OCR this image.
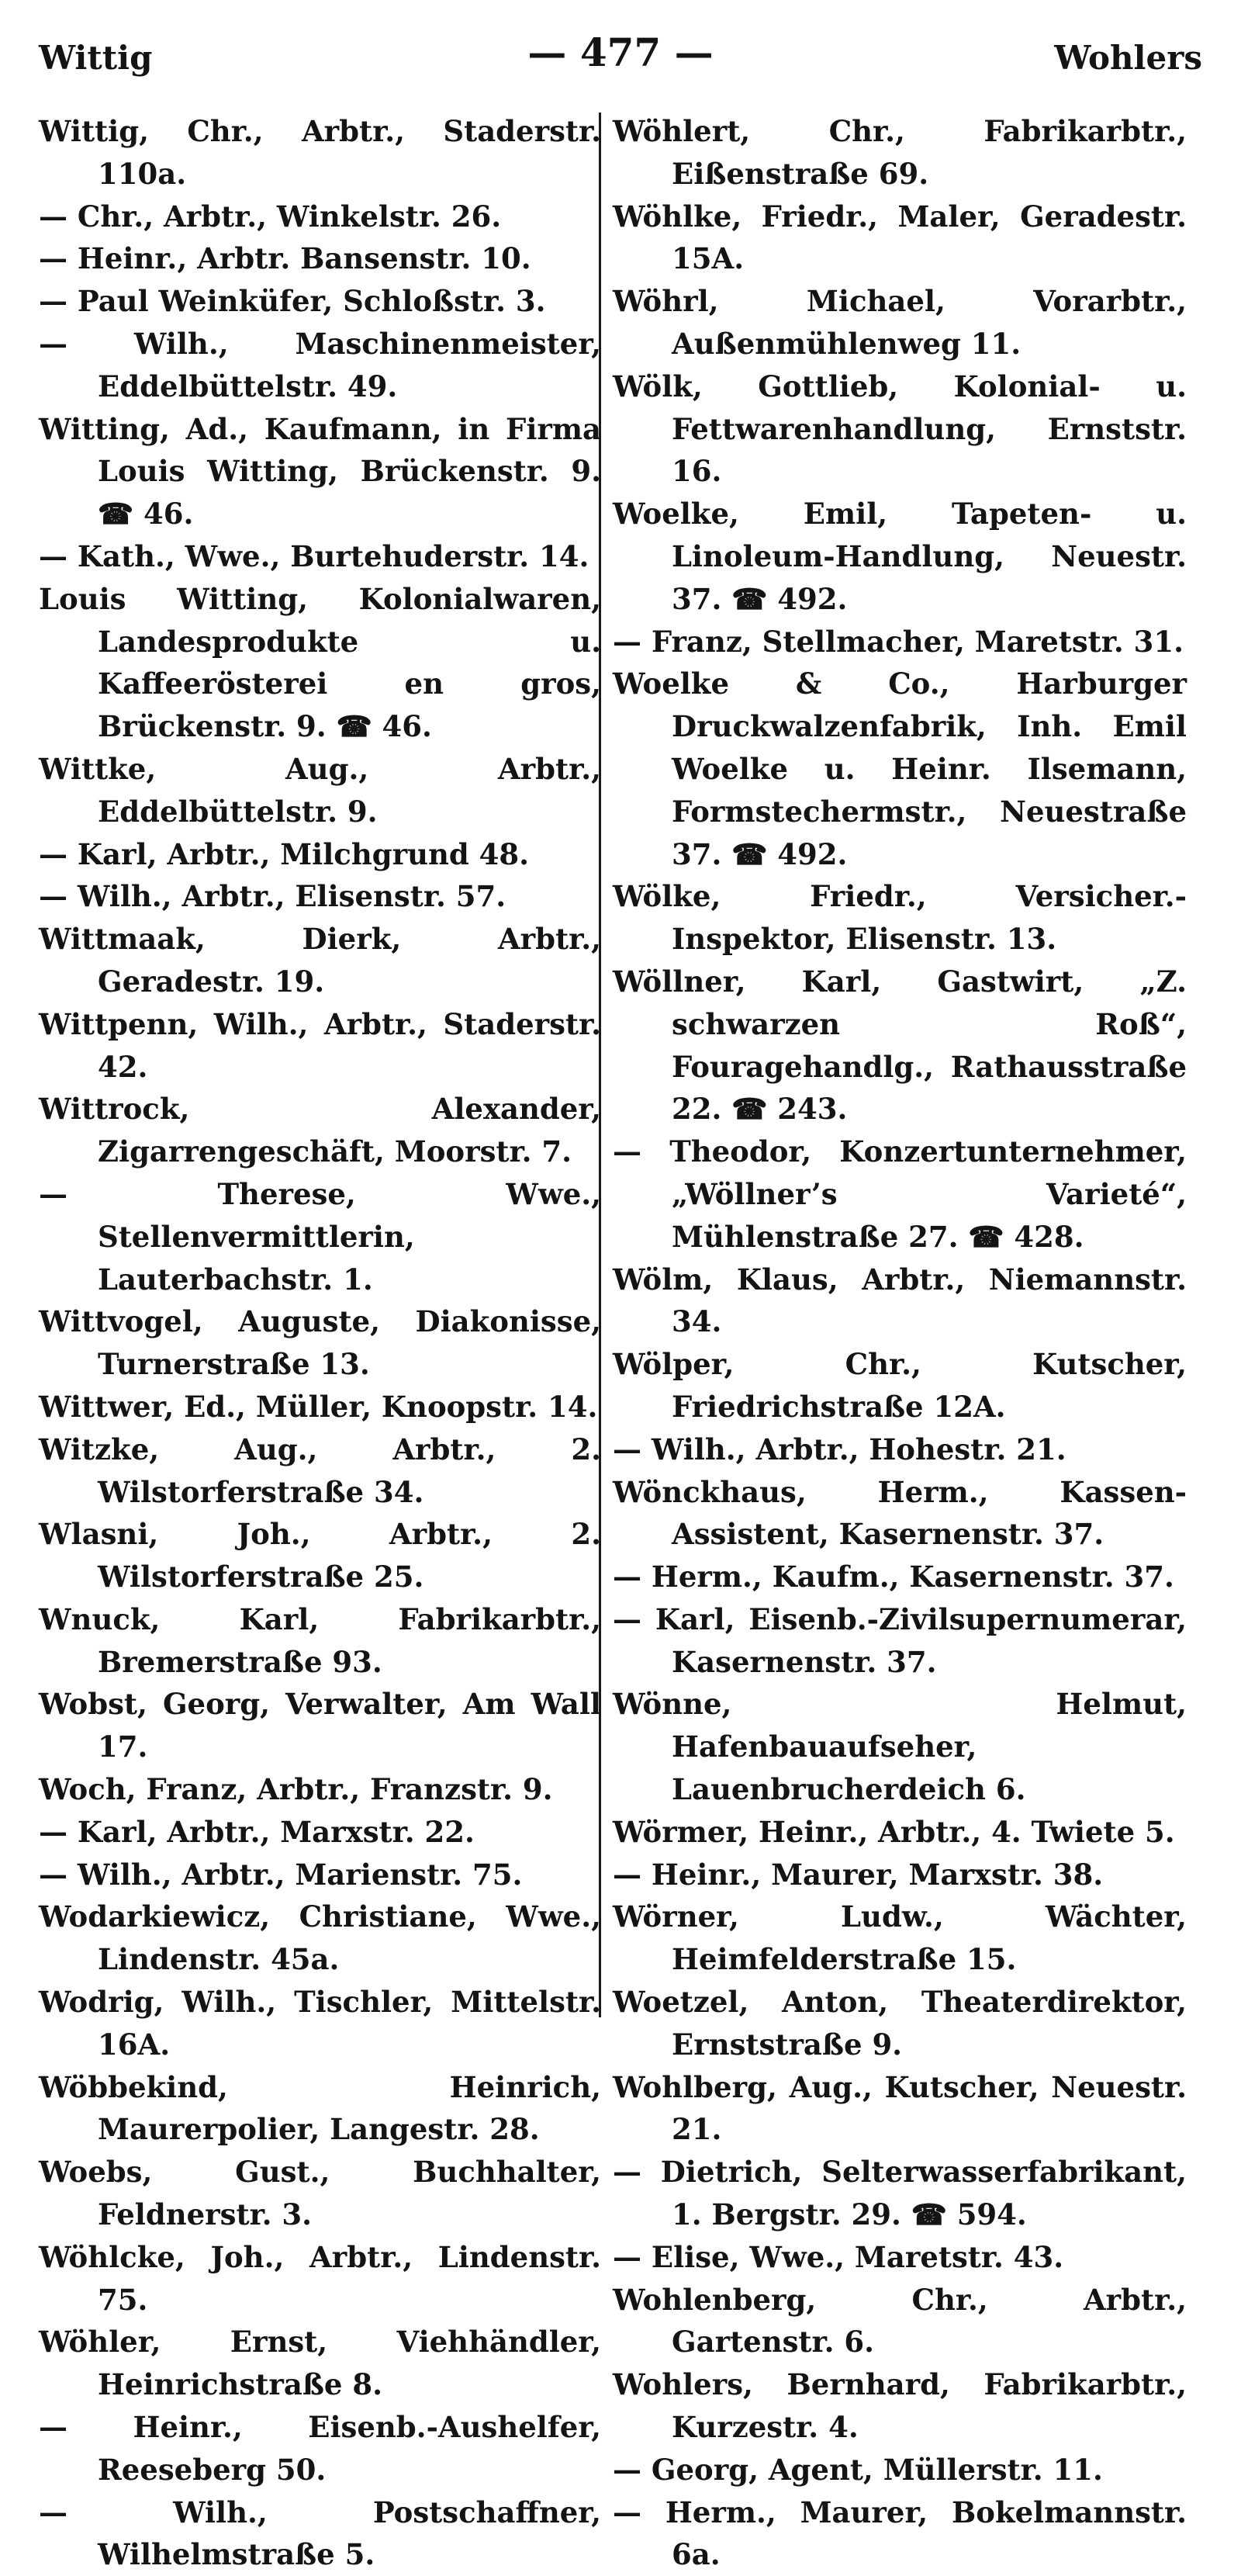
Wittig	— 477 —	Wohlers
Wittig, Chr., Arbtr., Staderstr. 110a.
— Chr., Arbtr., Winkelstr. 26.
— Heinr., Arbtr. Bansenstr. 10.
— Paul Weinküfer, Schloßstr. 3.
— Wilh., Maschinenmeister, Eddelbüttelstr. 49.
Witting, Ad., Kaufmann, in Firma Louis Witting, Brückenstr. 9. ☎ 46.
— Kath., Wwe., Burtehuderstr. 14.
Louis Witting, Kolonialwaren, Landesprodukte u. Kaffeerösterei en gros, Brückenstr. 9. ☎ 46.
Wittke, Aug., Arbtr., Eddelbüttelstr. 9.
— Karl, Arbtr., Milchgrund 48.
— Wilh., Arbtr., Elisenstr. 57.
Wittmaak, Dierk, Arbtr., Geradestr. 19.
Wittpenn, Wilh., Arbtr., Staderstr. 42.
Wittrock, Alexander, Zigarrengeschäft, Moorstr. 7.
— Therese, Wwe., Stellenvermittlerin, Lauterbachstr. 1.
Wittvogel, Auguste, Diakonisse, Turnerstraße 13.
Wittwer, Ed., Müller, Knoopstr. 14.
Witzke, Aug., Arbtr., 2. Wilstorferstraße 34.
Wlasni, Joh., Arbtr., 2. Wilstorferstraße 25.
Wnuck, Karl, Fabrikarbtr., Bremerstraße 93.
Wobst, Georg, Verwalter, Am Wall 17.
Woch, Franz, Arbtr., Franzstr. 9.
— Karl, Arbtr., Marxstr. 22.
— Wilh., Arbtr., Marienstr. 75.
Wodarkiewicz, Christiane, Wwe., Lindenstr. 45a.
Wodrig, Wilh., Tischler, Mittelstr. 16A.
Wöbbekind, Heinrich, Maurerpolier, Langestr. 28.
Woebs, Gust., Buchhalter, Feldnerstr. 3.
Wöhlcke, Joh., Arbtr., Lindenstr. 75.
Wöhler, Ernst, Viehhändler, Heinrichstraße 8.
— Heinr., Eisenb.-Aushelfer, Reeseberg 50.
— Wilh., Postschaffner, Wilhelmstraße 5.
Wöhlert, Chr., Fabrikarbtr., Eißenstraße 69.
Wöhlke, Friedr., Maler, Geradestr. 15A.
Wöhrl, Michael, Vorarbtr., Außenmühlenweg 11.
Wölk, Gottlieb, Kolonial- u. Fettwarenhandlung, Ernststr. 16.
Woelke, Emil, Tapeten- u. Linoleum-Handlung, Neuestr. 37. ☎ 492.
— Franz, Stellmacher, Maretstr. 31.
Woelke & Co., Harburger Druckwalzenfabrik, Inh. Emil Woelke u. Heinr. Ilsemann, Formstechermstr., Neuestraße 37. ☎ 492.
Wölke, Friedr., Versicher.-Inspektor, Elisenstr. 13.
Wöllner, Karl, Gastwirt, „Z. schwarzen Roß“, Fouragehandlg., Rathausstraße 22. ☎ 243.
— Theodor, Konzertunternehmer, „Wöllner’s Varieté“, Mühlenstraße 27. ☎ 428.
Wölm, Klaus, Arbtr., Niemannstr. 34.
Wölper, Chr., Kutscher, Friedrichstraße 12A.
— Wilh., Arbtr., Hohestr. 21.
Wönckhaus, Herm., Kassen-Assistent, Kasernenstr. 37.
— Herm., Kaufm., Kasernenstr. 37.
— Karl, Eisenb.-Zivilsupernumerar, Kasernenstr. 37.
Wönne, Helmut, Hafenbauaufseher, Lauenbrucherdeich 6.
Wörmer, Heinr., Arbtr., 4. Twiete 5.
— Heinr., Maurer, Marxstr. 38.
Wörner, Ludw., Wächter, Heimfelderstraße 15.
Woetzel, Anton, Theaterdirektor, Ernststraße 9.
Wohlberg, Aug., Kutscher, Neuestr. 21.
— Dietrich, Selterwasserfabrikant, 1. Bergstr. 29. ☎ 594.
— Elise, Wwe., Maretstr. 43.
Wohlenberg, Chr., Arbtr., Gartenstr. 6.
Wohlers, Bernhard, Fabrikarbtr., Kurzestr. 4.
— Georg, Agent, Müllerstr. 11.
— Herm., Maurer, Bokelmannstr. 6a.
